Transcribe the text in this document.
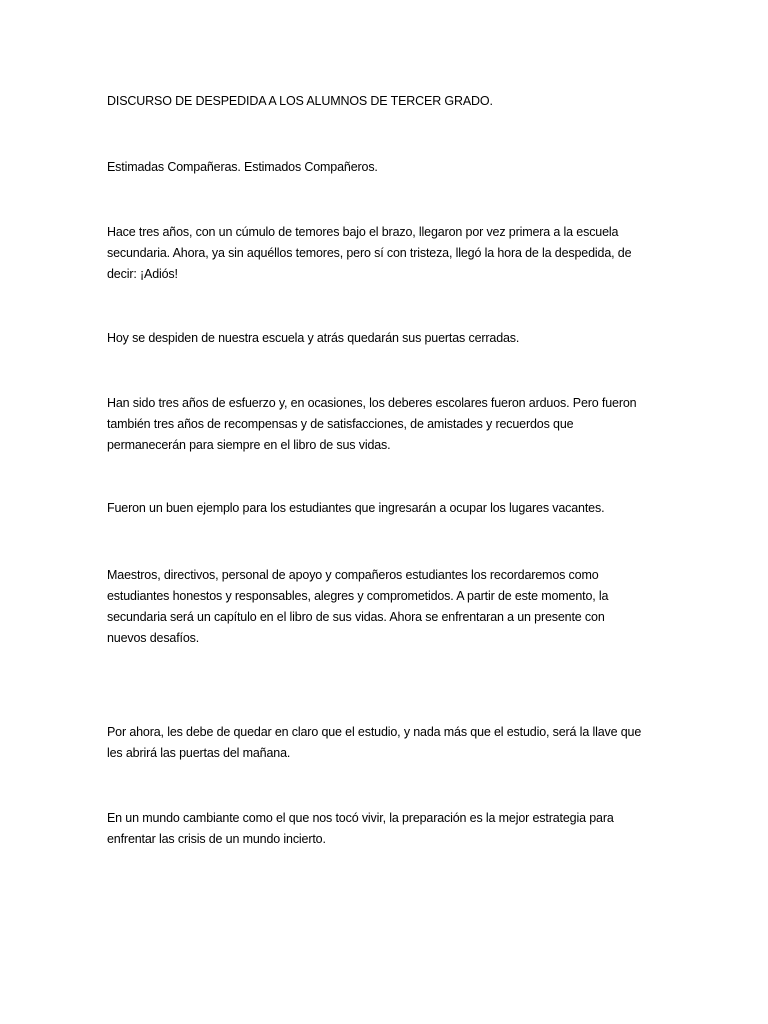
DISCURSO DE DESPEDIDA A LOS ALUMNOS DE TERCER GRADO.

Estimadas Compañeras. Estimados Compañeros.

Hace tres años, con un cúmulo de temores bajo el brazo, llegaron por vez primera a la escuela
secundaria. Ahora, ya sin aquéllos temores, pero sí con tristeza, llegó la hora de la despedida, de
decir: ¡Adiós!

Hoy se despiden de nuestra escuela y atrás quedarán sus puertas cerradas.

Han sido tres años de esfuerzo y, en ocasiones, los deberes escolares fueron arduos. Pero fueron
también tres años de recompensas y de satisfacciones, de amistades y recuerdos que
permanecerán para siempre en el libro de sus vidas.

Fueron un buen ejemplo para los estudiantes que ingresarán a ocupar los lugares vacantes.

Maestros, directivos, personal de apoyo y compañeros estudiantes los recordaremos como
estudiantes honestos y responsables, alegres y comprometidos. A partir de este momento, la
secundaria será un capítulo en el libro de sus vidas. Ahora se enfrentaran a un presente con
nuevos desafíos.

Por ahora, les debe de quedar en claro que el estudio, y nada más que el estudio, será la llave que
les abrirá las puertas del mañana.

En un mundo cambiante como el que nos tocó vivir, la preparación es la mejor estrategia para
enfrentar las crisis de un mundo incierto.
